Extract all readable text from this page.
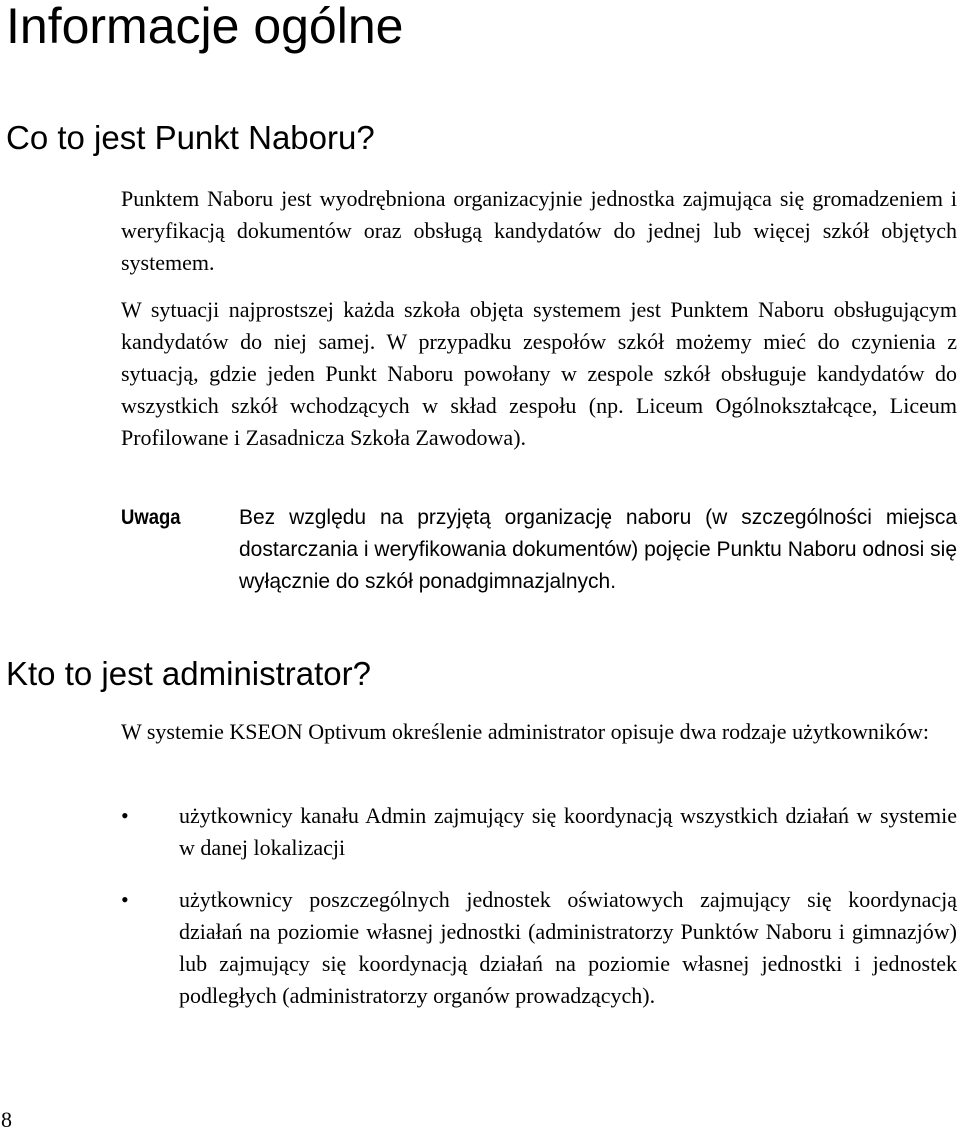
Informacje ogólne
Co to jest Punkt Naboru?

Punktem Naboru jest wyodrębniona organizacyjnie jednostka zajmująca się gromadzeniem i weryfikacją dokumentów oraz obsługą kandydatów do jednej lub więcej szkół objętych systemem.

W sytuacji najprostszej każda szkoła objęta systemem jest Punktem Naboru obsługującym kandydatów do niej samej. W przypadku zespołów szkół możemy mieć do czynienia z sytuacją, gdzie jeden Punkt Naboru powołany w zespole szkół obsługuje kandydatów do wszystkich szkół wchodzących w skład zespołu (np. Liceum Ogólnokształcące, Liceum Profilowane i Zasadnicza Szkoła Zawodowa).

Uwaga	Bez względu na przyjętą organizację naboru (w szczególności miejsca dostarczania i weryfikowania dokumentów) pojęcie Punktu Naboru odnosi się wyłącznie do szkół ponadgimnazjalnych.

Kto to jest administrator?

W systemie KSEON Optivum określenie administrator opisuje dwa rodzaje użytkowników:

• użytkownicy kanału Admin zajmujący się koordynacją wszystkich działań w systemie w danej lokalizacji
• użytkownicy poszczególnych jednostek oświatowych zajmujący się koordynacją działań na poziomie własnej jednostki (administratorzy Punktów Naboru i gimnazjów) lub zajmujący się koordynacją działań na poziomie własnej jednostki i jednostek podległych (administratorzy organów prowadzących).
8
